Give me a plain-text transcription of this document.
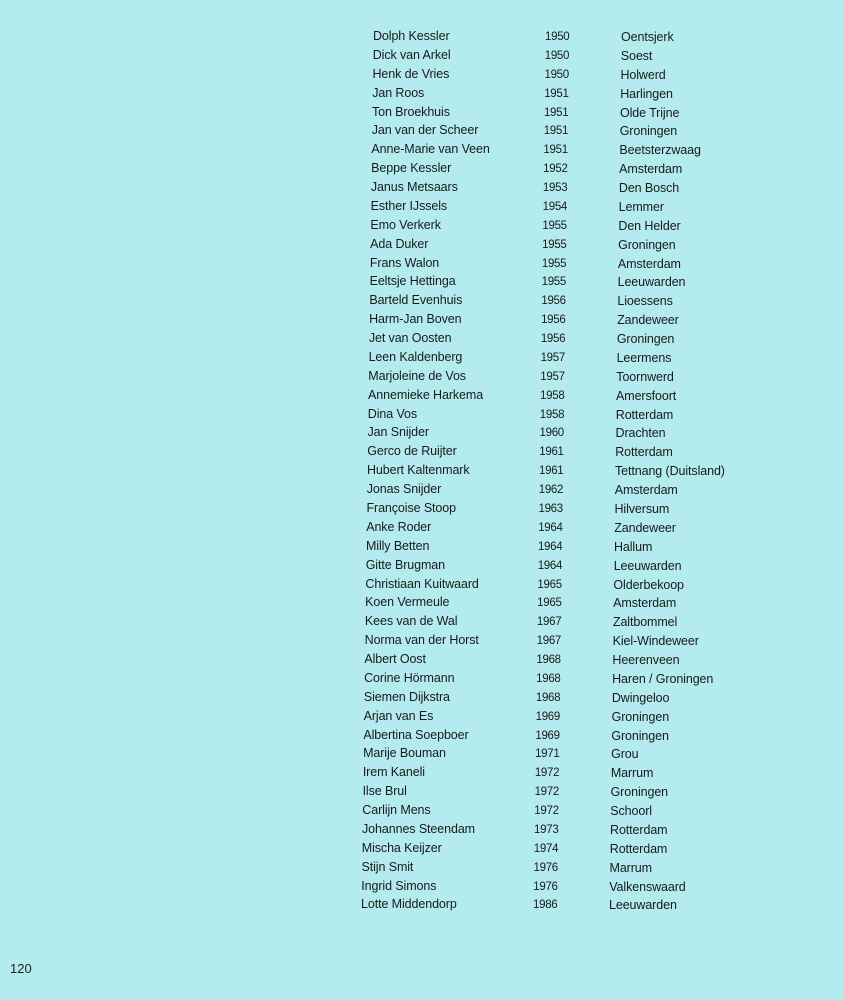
Dolph Kessler	1950	Oentsjerk
Dick van Arkel	1950	Soest
Henk de Vries	1950	Holwerd
Jan Roos	1951	Harlingen
Ton Broekhuis	1951	Olde Trijne
Jan van der Scheer	1951	Groningen
Anne-Marie van Veen	1951	Beetsterzwaag
Beppe Kessler	1952	Amsterdam
Janus Metsaars	1953	Den Bosch
Esther IJssels	1954	Lemmer
Emo Verkerk	1955	Den Helder
Ada Duker	1955	Groningen
Frans Walon	1955	Amsterdam
Eeltsje Hettinga	1955	Leeuwarden
Barteld Evenhuis	1956	Lioessens
Harm-Jan Boven	1956	Zandeweer
Jet van Oosten	1956	Groningen
Leen Kaldenberg	1957	Leermens
Marjoleine de Vos	1957	Toornwerd
Annemieke Harkema	1958	Amersfoort
Dina Vos	1958	Rotterdam
Jan Snijder	1960	Drachten
Gerco de Ruijter	1961	Rotterdam
Hubert Kaltenmark	1961	Tettnang (Duitsland)
Jonas Snijder	1962	Amsterdam
Françoise Stoop	1963	Hilversum
Anke Roder	1964	Zandeweer
Milly Betten	1964	Hallum
Gitte Brugman	1964	Leeuwarden
Christiaan Kuitwaard	1965	Olderbekoop
Koen Vermeule	1965	Amsterdam
Kees van de Wal	1967	Zaltbommel
Norma van der Horst	1967	Kiel-Windeweer
Albert Oost	1968	Heerenveen
Corine Hörmann	1968	Haren / Groningen
Siemen Dijkstra	1968	Dwingeloo
Arjan van Es	1969	Groningen
Albertina Soepboer	1969	Groningen
Marije Bouman	1971	Grou
Irem Kaneli	1972	Marrum
Ilse Brul	1972	Groningen
Carlijn Mens	1972	Schoorl
Johannes Steendam	1973	Rotterdam
Mischa Keijzer	1974	Rotterdam
Stijn Smit	1976	Marrum
Ingrid Simons	1976	Valkenswaard
Lotte Middendorp	1986	Leeuwarden
120
